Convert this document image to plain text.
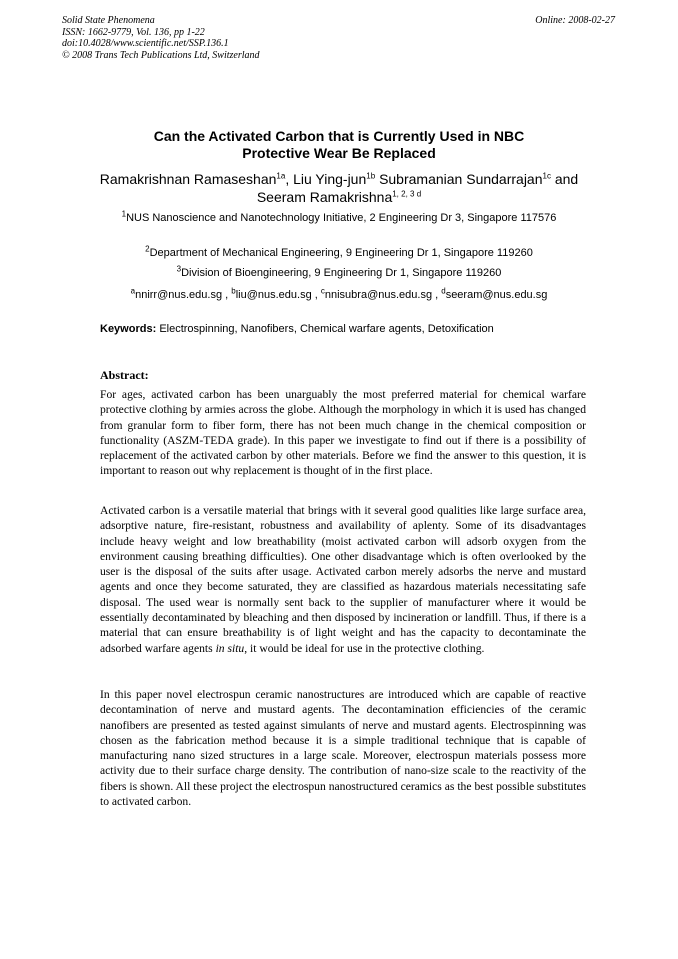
Solid State Phenomena
ISSN: 1662-9779, Vol. 136, pp 1-22
doi:10.4028/www.scientific.net/SSP.136.1
© 2008 Trans Tech Publications Ltd, Switzerland
Online: 2008-02-27
Can the Activated Carbon that is Currently Used in NBC
Protective Wear Be Replaced
Ramakrishnan Ramaseshan$^{1a}$, Liu Ying-jun$^{1b}$ Subramanian Sundarrajan$^{1c}$ and Seeram Ramakrishna$^{1, 2, 3 d}$
$^1$NUS Nanoscience and Nanotechnology Initiative, 2 Engineering Dr 3, Singapore 117576
$^2$Department of Mechanical Engineering, 9 Engineering Dr 1, Singapore 119260
$^3$Division of Bioengineering, 9 Engineering Dr 1, Singapore 119260
$^a$nnirr@nus.edu.sg , $^b$liu@nus.edu.sg , $^c$nnisubra@nus.edu.sg , $^d$seeram@nus.edu.sg
Keywords: Electrospinning, Nanofibers, Chemical warfare agents, Detoxification
Abstract:
For ages, activated carbon has been unarguably the most preferred material for chemical warfare protective clothing by armies across the globe. Although the morphology in which it is used has changed from granular form to fiber form, there has not been much change in the chemical composition or functionality (ASZM-TEDA grade). In this paper we investigate to find out if there is a possibility of replacement of the activated carbon by other materials. Before we find the answer to this question, it is important to reason out why replacement is thought of in the first place.
Activated carbon is a versatile material that brings with it several good qualities like large surface area, adsorptive nature, fire-resistant, robustness and availability of aplenty. Some of its disadvantages include heavy weight and low breathability (moist activated carbon will adsorb oxygen from the environment causing breathing difficulties). One other disadvantage which is often overlooked by the user is the disposal of the suits after usage. Activated carbon merely adsorbs the nerve and mustard agents and once they become saturated, they are classified as hazardous materials necessitating safe disposal. The used wear is normally sent back to the supplier of manufacturer where it would be essentially decontaminated by bleaching and then disposed by incineration or landfill. Thus, if there is a material that can ensure breathability is of light weight and has the capacity to decontaminate the adsorbed warfare agents in situ, it would be ideal for use in the protective clothing.
In this paper novel electrospun ceramic nanostructures are introduced which are capable of reactive decontamination of nerve and mustard agents. The decontamination efficiencies of the ceramic nanofibers are presented as tested against simulants of nerve and mustard agents. Electrospinning was chosen as the fabrication method because it is a simple traditional technique that is capable of manufacturing nano sized structures in a large scale. Moreover, electrospun materials possess more activity due to their surface charge density. The contribution of nano-size scale to the reactivity of the fibers is shown. All these project the electrospun nanostructured ceramics as the best possible substitutes to activated carbon.
